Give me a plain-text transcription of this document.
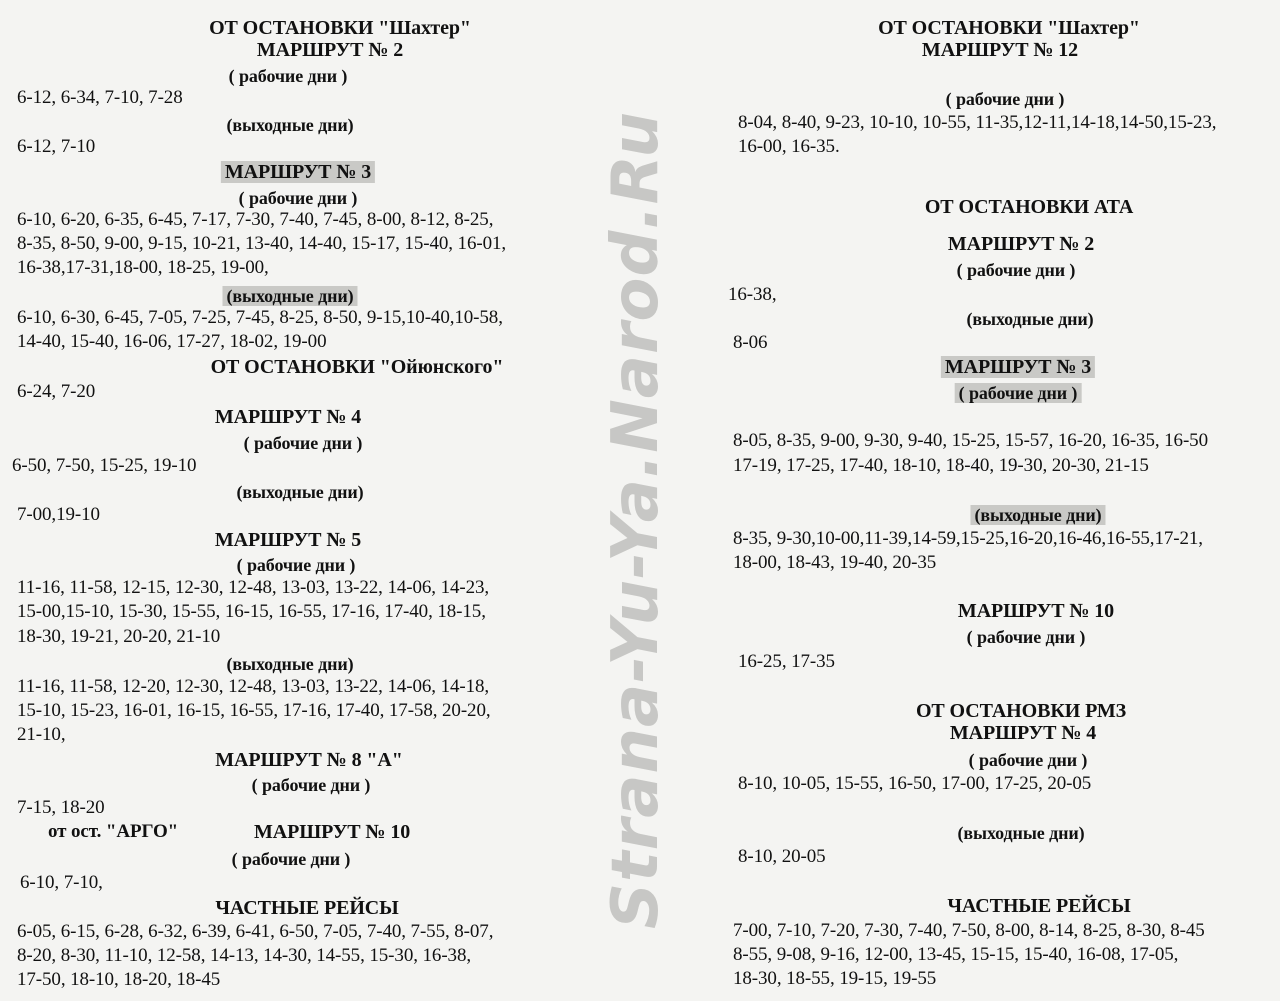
Strana-Yu-Ya.Narod.Ru
ОТ ОСТАНОВКИ "Шахтер"
МАРШРУТ № 2
( рабочие дни )
6-12, 6-34, 7-10, 7-28
(выходные дни)
6-12, 7-10
МАРШРУТ № 3
( рабочие дни )
6-10, 6-20, 6-35, 6-45, 7-17, 7-30, 7-40, 7-45, 8-00, 8-12, 8-25,
8-35, 8-50, 9-00, 9-15, 10-21, 13-40, 14-40, 15-17, 15-40, 16-01,
16-38,17-31,18-00, 18-25, 19-00,
(выходные дни)
6-10, 6-30, 6-45, 7-05, 7-25, 7-45, 8-25, 8-50, 9-15,10-40,10-58,
14-40, 15-40, 16-06, 17-27, 18-02, 19-00
ОТ ОСТАНОВКИ "Ойюнского"
6-24, 7-20
МАРШРУТ № 4
( рабочие дни )
6-50, 7-50, 15-25, 19-10
(выходные дни)
7-00,19-10
МАРШРУТ № 5
( рабочие дни )
11-16, 11-58, 12-15, 12-30, 12-48, 13-03, 13-22, 14-06, 14-23,
15-00,15-10, 15-30, 15-55, 16-15, 16-55, 17-16, 17-40, 18-15,
18-30, 19-21, 20-20, 21-10
(выходные дни)
11-16, 11-58, 12-20, 12-30, 12-48, 13-03, 13-22, 14-06, 14-18,
15-10, 15-23, 16-01, 16-15, 16-55, 17-16, 17-40, 17-58, 20-20,
21-10,
МАРШРУТ № 8 "А"
( рабочие дни )
7-15, 18-20
от ост. "АРГО"	МАРШРУТ № 10
( рабочие дни )
6-10, 7-10,
ЧАСТНЫЕ РЕЙСЫ
6-05, 6-15, 6-28, 6-32, 6-39, 6-41, 6-50, 7-05, 7-40, 7-55, 8-07,
8-20, 8-30, 11-10, 12-58, 14-13, 14-30, 14-55, 15-30, 16-38,
17-50, 18-10, 18-20, 18-45
ОТ ОСТАНОВКИ "Шахтер"
МАРШРУТ № 12
( рабочие дни )
8-04, 8-40, 9-23, 10-10, 10-55, 11-35,12-11,14-18,14-50,15-23,
16-00, 16-35.
ОТ ОСТАНОВКИ АТА
МАРШРУТ № 2
( рабочие дни )
16-38,
(выходные дни)
8-06
МАРШРУТ № 3
( рабочие дни )
8-05, 8-35, 9-00, 9-30, 9-40, 15-25, 15-57, 16-20, 16-35, 16-50
17-19, 17-25, 17-40, 18-10, 18-40, 19-30, 20-30, 21-15
(выходные дни)
8-35, 9-30,10-00,11-39,14-59,15-25,16-20,16-46,16-55,17-21,
18-00, 18-43, 19-40, 20-35
МАРШРУТ № 10
( рабочие дни )
16-25, 17-35
ОТ ОСТАНОВКИ РМЗ
МАРШРУТ № 4
( рабочие дни )
8-10, 10-05, 15-55, 16-50, 17-00, 17-25, 20-05
(выходные дни)
8-10, 20-05
ЧАСТНЫЕ РЕЙСЫ
7-00, 7-10, 7-20, 7-30, 7-40, 7-50, 8-00, 8-14, 8-25, 8-30, 8-45
8-55, 9-08, 9-16, 12-00, 13-45, 15-15, 15-40, 16-08, 17-05,
18-30, 18-55, 19-15, 19-55
